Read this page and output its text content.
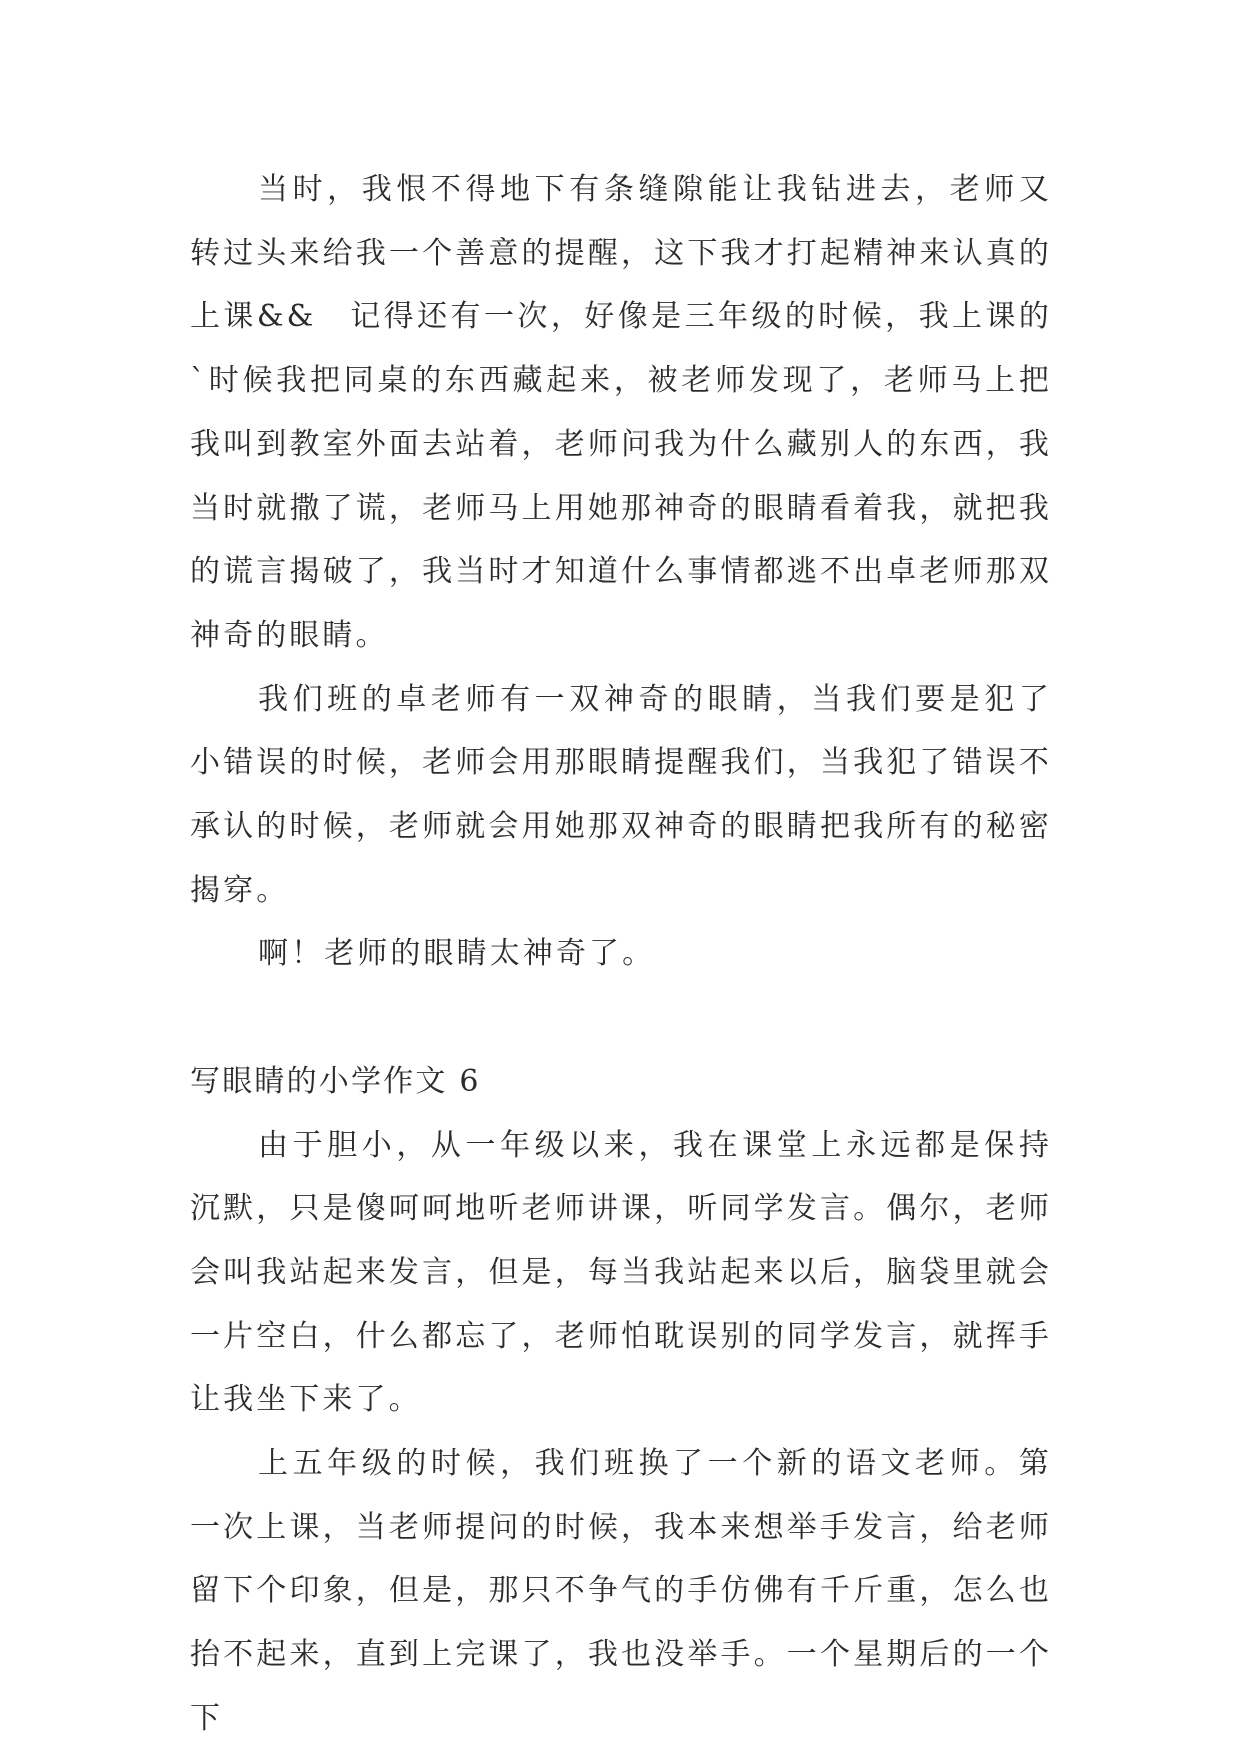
当时，我恨不得地下有条缝隙能让我钻进去，老师又转过头来给我一个善意的提醒，这下我才打起精神来认真的上课&&　记得还有一次，好像是三年级的时候，我上课的`时候我把同桌的东西藏起来，被老师发现了，老师马上把我叫到教室外面去站着，老师问我为什么藏别人的东西，我当时就撒了谎，老师马上用她那神奇的眼睛看着我，就把我的谎言揭破了，我当时才知道什么事情都逃不出卓老师那双神奇的眼睛。

我们班的卓老师有一双神奇的眼睛，当我们要是犯了小错误的时候，老师会用那眼睛提醒我们，当我犯了错误不承认的时候，老师就会用她那双神奇的眼睛把我所有的秘密揭穿。

啊！老师的眼睛太神奇了。

写眼睛的小学作文 6

由于胆小，从一年级以来，我在课堂上永远都是保持沉默，只是傻呵呵地听老师讲课，听同学发言。偶尔，老师会叫我站起来发言，但是，每当我站起来以后，脑袋里就会一片空白，什么都忘了，老师怕耽误别的同学发言，就挥手让我坐下来了。

上五年级的时候，我们班换了一个新的语文老师。第一次上课，当老师提问的时候，我本来想举手发言，给老师留下个印象，但是，那只不争气的手仿佛有千斤重，怎么也抬不起来，直到上完课了，我也没举手。一个星期后的一个下
